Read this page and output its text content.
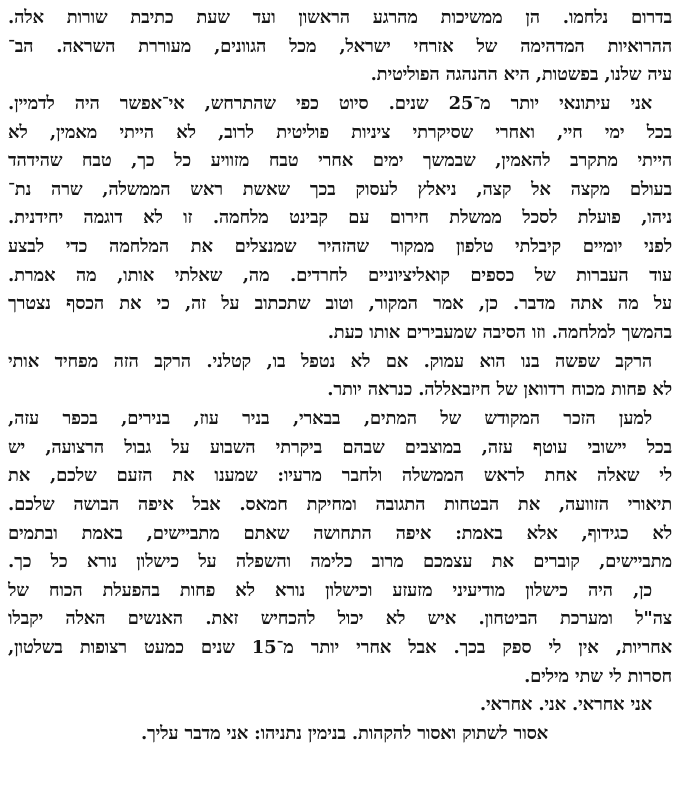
בדרום נלחמו. הן ממשיכות מהרגע הראשון ועד שעת כתיבת שורות אלה.
ההרואיות המדהימה של אזרחי ישראל, מכל הגוונים, מעוררת השראה. הב־
עיה שלנו, בפשטות, היא ההנהגה הפוליטית.
אני עיתונאי יותר מ־25 שנים. סיוט כפי שהתרחש, אי־אפשר היה לדמיין.
בכל ימי חיי, ואחרי שסיקרתי ציניות פוליטית לרוב, לא הייתי מאמין, לא
הייתי מתקרב להאמין, שבמשך ימים אחרי טבח מזוויע כל כך, טבח שהידהד
בעולם מקצה אל קצה, ניאלץ לעסוק בכך שאשת ראש הממשלה, שרה נת־
ניהו, פועלת לסכל ממשלת חירום עם קבינט מלחמה. זו לא דוגמה יחידנית.
לפני יומיים קיבלתי טלפון ממקור שהזהיר שמנצלים את המלחמה כדי לבצע
עוד העברות של כספים קואליציוניים לחרדים. מה, שאלתי אותו, מה אמרת.
על מה אתה מדבר. כן, אמר המקור, וטוב שתכתוב על זה, כי את הכסף נצטרך
בהמשך למלחמה. וזו הסיבה שמעבירים אותו כעת.
הרקב שפשה בנו הוא עמוק. אם לא נטפל בו, קטלני. הרקב הזה מפחיד אותי
לא פחות מכוח רדוואן של חיזבאללה. כנראה יותר.
למען הזכר המקודש של המתים, בבארי, בניר עוז, בנירים, בכפר עזה,
בכל יישובי עוטף עזה, במוצבים שבהם ביקרתי השבוע על גבול הרצועה, יש
לי שאלה אחת לראש הממשלה ולחבר מרעיו: שמענו את הזעם שלכם, את
תיאורי הזוועה, את הבטחות התגובה ומחיקת חמאס. אבל איפה הבושה שלכם.
לא כגידוף, אלא באמת: איפה התחושה שאתם מתביישים, באמת ובתמים
מתביישים, קוברים את עצמכם מרוב כלימה והשפלה על כישלון נורא כל כך.
כן, היה כישלון מודיעיני מזעזע וכישלון נורא לא פחות בהפעלת הכוח של
צה"ל ומערכת הביטחון. איש לא יכול להכחיש זאת. האנשים האלה יקבלו
אחריות, אין לי ספק בכך. אבל אחרי יותר מ־15 שנים כמעט רצופות בשלטון,
חסרות לי שתי מילים.
אני אחראי. אני. אחראי.
אסור לשתוק ואסור להקהות. בנימין נתניהו: אני מדבר עליך.
